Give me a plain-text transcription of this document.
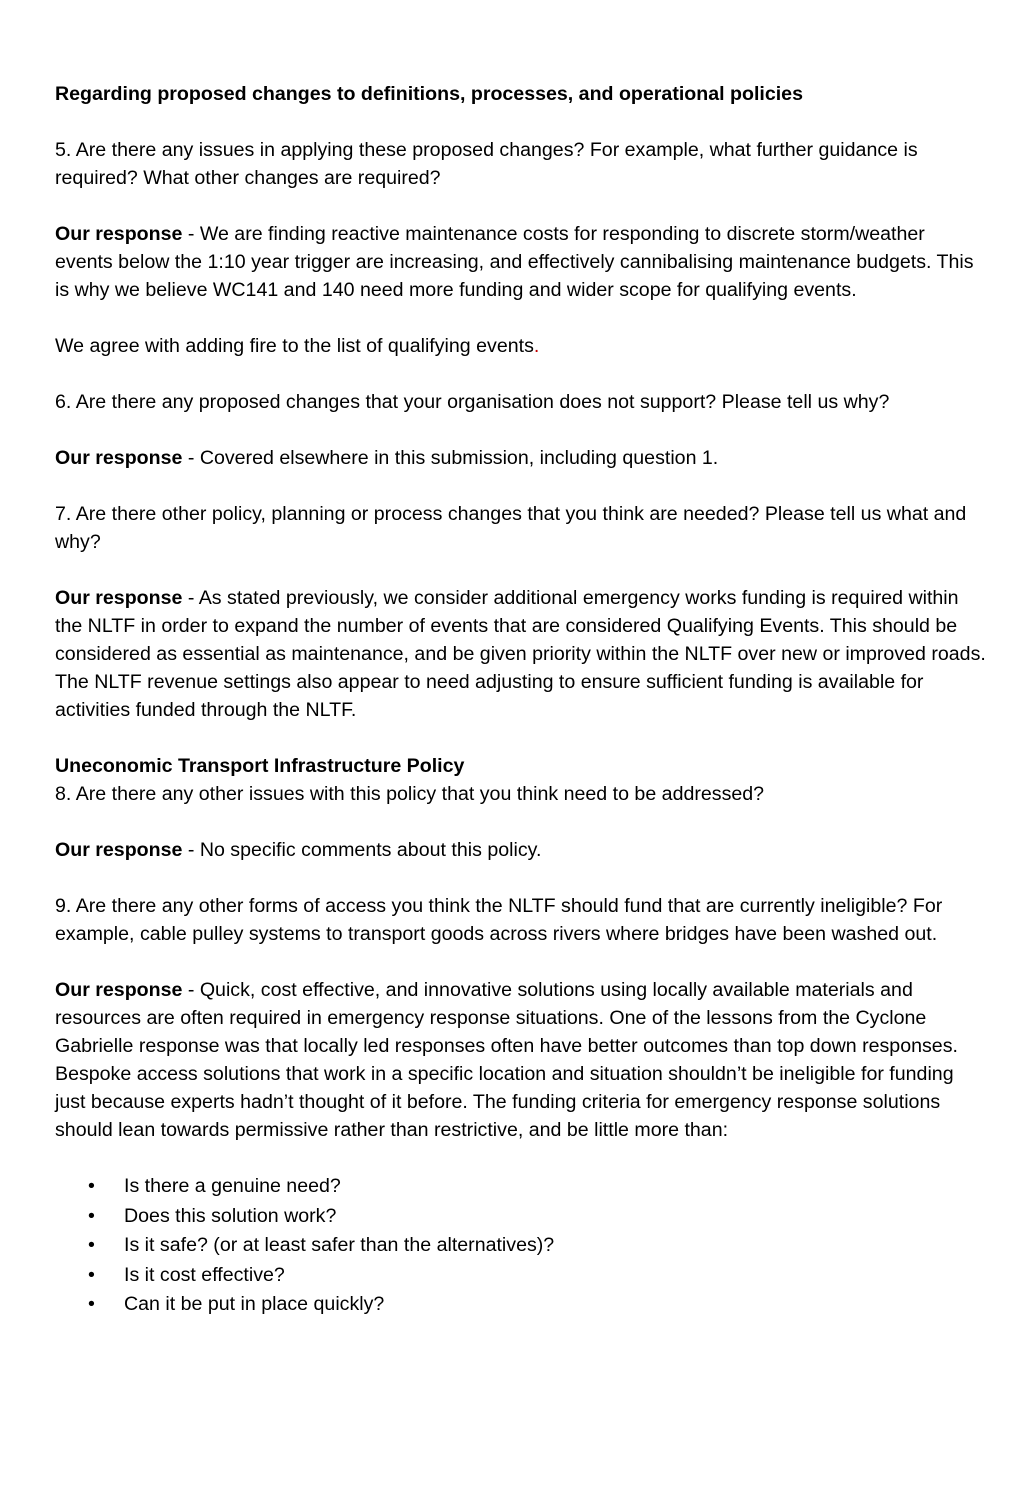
Regarding proposed changes to definitions, processes, and operational policies

5. Are there any issues in applying these proposed changes? For example, what further guidance is required? What other changes are required?

Our response - We are finding reactive maintenance costs for responding to discrete storm/weather events below the 1:10 year trigger are increasing, and effectively cannibalising maintenance budgets. This is why we believe WC141 and 140 need more funding and wider scope for qualifying events.

We agree with adding fire to the list of qualifying events.

6. Are there any proposed changes that your organisation does not support? Please tell us why?

Our response - Covered elsewhere in this submission, including question 1.

7. Are there other policy, planning or process changes that you think are needed? Please tell us what and why?

Our response - As stated previously, we consider additional emergency works funding is required within the NLTF in order to expand the number of events that are considered Qualifying Events. This should be considered as essential as maintenance, and be given priority within the NLTF over new or improved roads. The NLTF revenue settings also appear to need adjusting to ensure sufficient funding is available for activities funded through the NLTF.

Uneconomic Transport Infrastructure Policy

8. Are there any other issues with this policy that you think need to be addressed?

Our response - No specific comments about this policy.

9. Are there any other forms of access you think the NLTF should fund that are currently ineligible? For example, cable pulley systems to transport goods across rivers where bridges have been washed out.

Our response - Quick, cost effective, and innovative solutions using locally available materials and resources are often required in emergency response situations. One of the lessons from the Cyclone Gabrielle response was that locally led responses often have better outcomes than top down responses. Bespoke access solutions that work in a specific location and situation shouldn’t be ineligible for funding just because experts hadn’t thought of it before. The funding criteria for emergency response solutions should lean towards permissive rather than restrictive, and be little more than:

• Is there a genuine need?
• Does this solution work?
• Is it safe? (or at least safer than the alternatives)?
• Is it cost effective?
• Can it be put in place quickly?
